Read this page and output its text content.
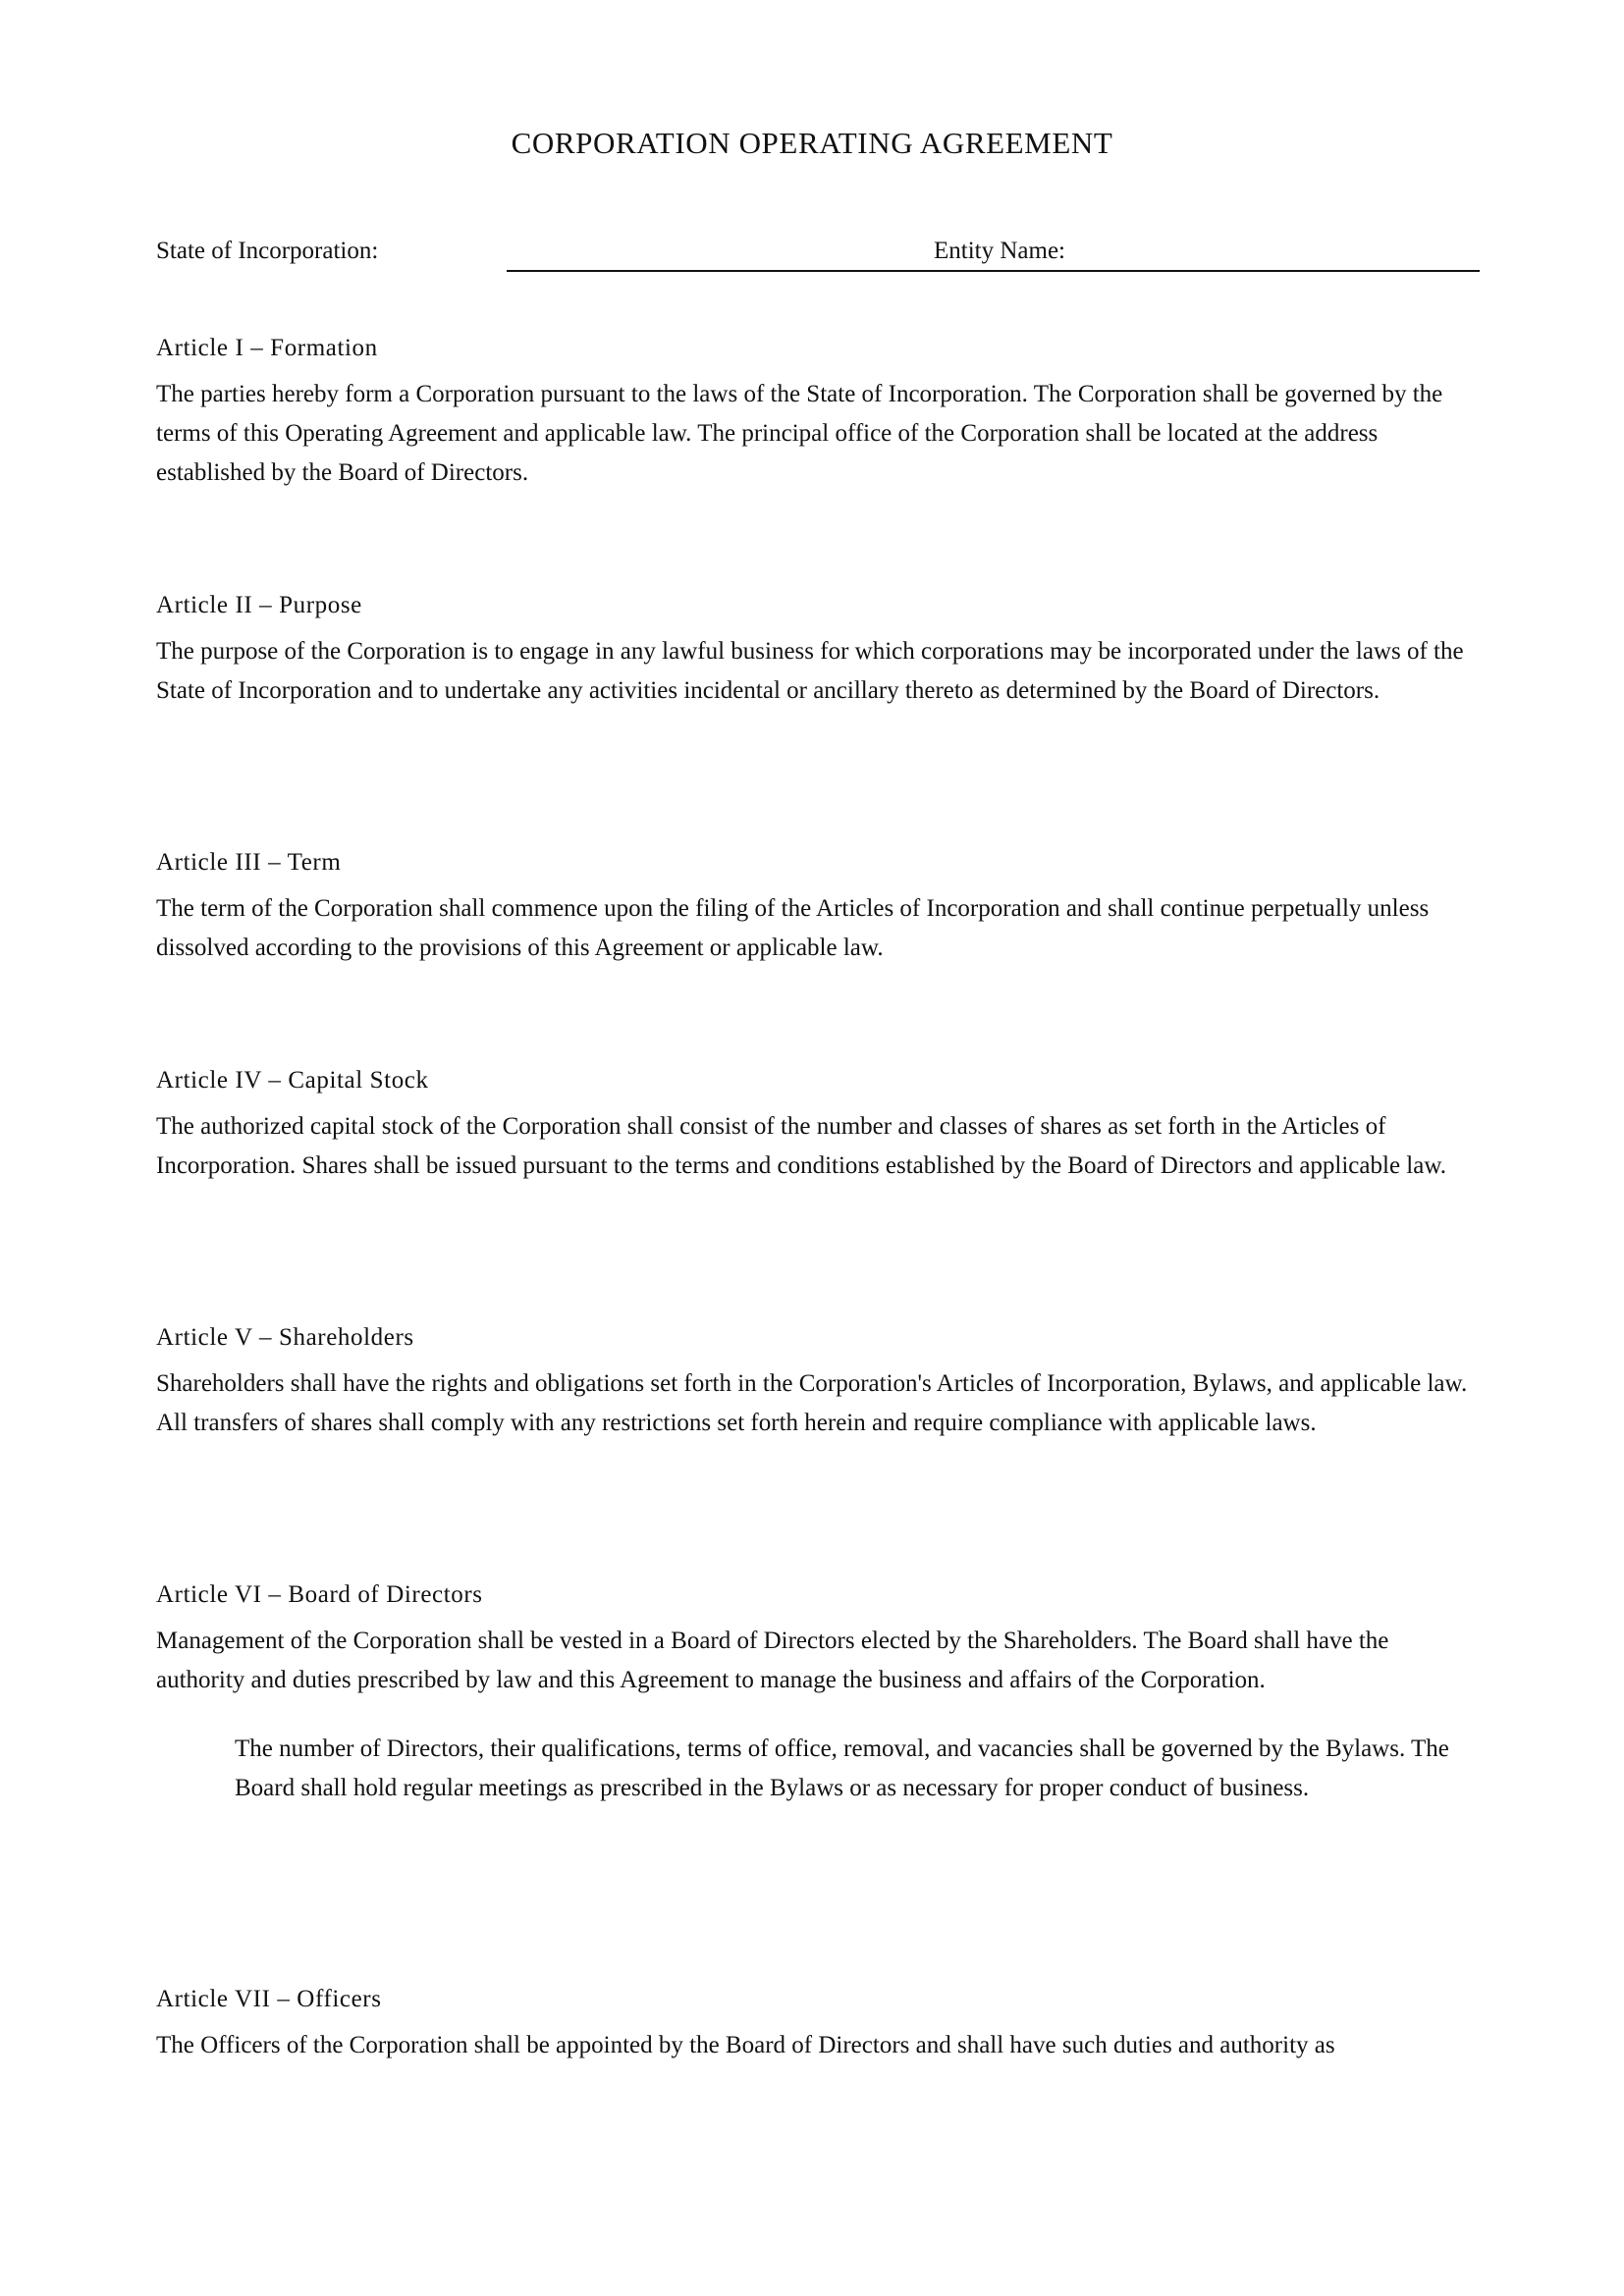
CORPORATION OPERATING AGREEMENT
State of Incorporation:	Entity Name:
Article I – Formation

The parties hereby form a Corporation pursuant to the laws of the State of Incorporation. The Corporation shall be governed by the terms of this Operating Agreement and applicable law. The principal office of the Corporation shall be located at the address established by the Board of Directors.

Article II – Purpose

The purpose of the Corporation is to engage in any lawful business for which corporations may be incorporated under the laws of the State of Incorporation and to undertake any activities incidental or ancillary thereto as determined by the Board of Directors.

Article III – Term

The term of the Corporation shall commence upon the filing of the Articles of Incorporation and shall continue perpetually unless dissolved according to the provisions of this Agreement or applicable law.

Article IV – Capital Stock

The authorized capital stock of the Corporation shall consist of the number and classes of shares as set forth in the Articles of Incorporation. Shares shall be issued pursuant to the terms and conditions established by the Board of Directors and applicable law.

Article V – Shareholders

Shareholders shall have the rights and obligations set forth in the Corporation's Articles of Incorporation, Bylaws, and applicable law. All transfers of shares shall comply with any restrictions set forth herein and require compliance with applicable laws.

Article VI – Board of Directors

Management of the Corporation shall be vested in a Board of Directors elected by the Shareholders. The Board shall have the authority and duties prescribed by law and this Agreement to manage the business and affairs of the Corporation.

The number of Directors, their qualifications, terms of office, removal, and vacancies shall be governed by the Bylaws. The Board shall hold regular meetings as prescribed in the Bylaws or as necessary for proper conduct of business.

Article VII – Officers

The Officers of the Corporation shall be appointed by the Board of Directors and shall have such duties and authority as
